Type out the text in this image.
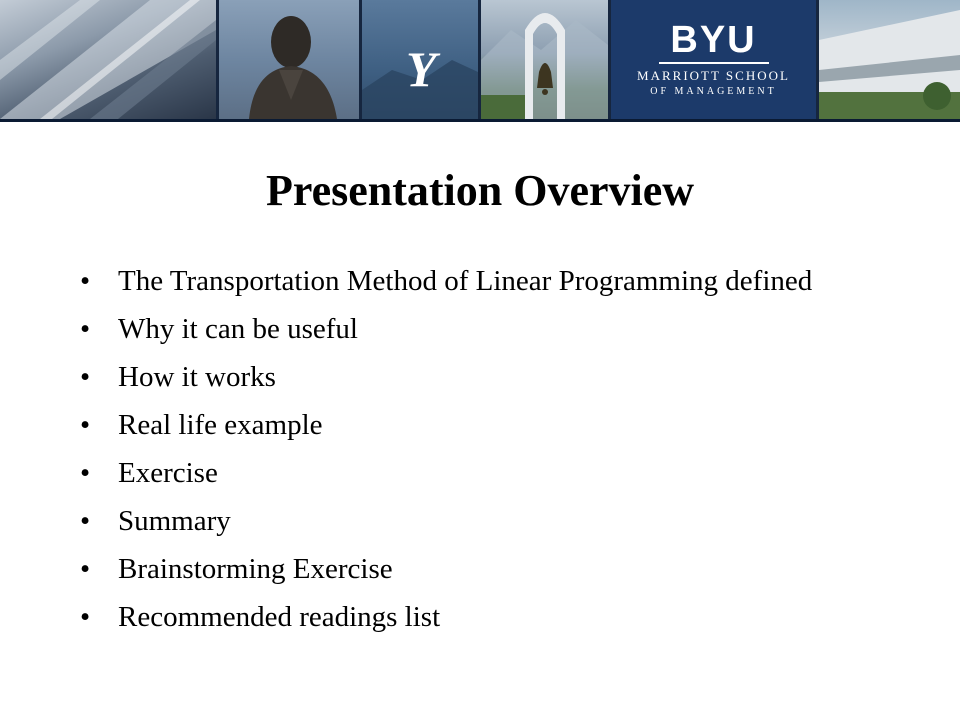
Y
BYU
MARRIOTT SCHOOL
OF MANAGEMENT
Presentation Overview
• The Transportation Method of Linear Programming defined
• Why it can be useful
• How it works
• Real life example
• Exercise
• Summary
• Brainstorming Exercise
• Recommended readings list
